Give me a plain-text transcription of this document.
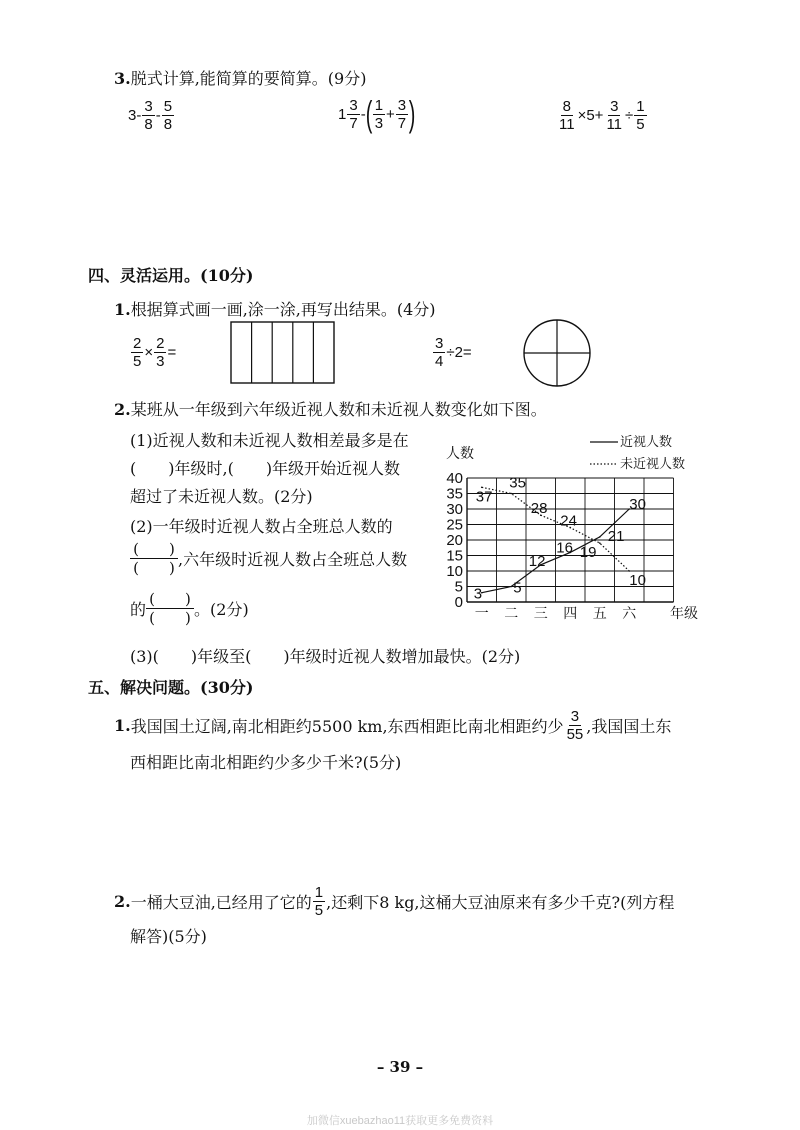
3.脱式计算,能简算的要简算。(9分)
$3 - \frac{3}{8} - \frac{5}{8}$	$1 \frac{3}{7}$ - ( $\frac{1}{3} + \frac{3}{7}$ )	$\frac{8}{11} \times 5+ \frac{3}{11} \div \frac{1}{5}$
四、灵活运用。(10分)
1.根据算式画一画,涂一涂,再写出结果。(4分)
$\frac{2}{5} \times \frac{2}{3}$ =	$\frac{3}{4} \div 2=$
2.某班从一年级到六年级近视人数和未近视人数变化如下图。
(1)近视人数和未近视人数相差最多是在
(　　)年级时,(　　)年级开始近视人数
超过了未近视人数。(2分)
(2)一年级时近视人数占全班总人数的
$\frac{( )}{( )}$ ,六年级时近视人数占全班总人数
的 $\frac{( )}{( )}$ 。(2分)
(3)(　　)年级至(　　)年级时近视人数增加最快。(2分)
0
5
10
15
20
25
30
35
40
一 二 三 四 五 六
3 5
12
16
21
30
37
35
28
24
19
10
人数
年级
近视人数
未近视人数
五、解决问题。(30分)
1. 我国国土辽阔,南北相距约5500 km,东西相距比南北相距约少 $\frac{3}{55}$ ,我国国土东
西相距比南北相距约少多少千米?(5分)
2. 一桶大豆油,已经用了它的 $\frac{1}{5}$ ,还剩下8 kg,这桶大豆油原来有多少千克?(列方程
解答)(5分)
– 39 –
加微信xuebazhao11获取更多免费资料
